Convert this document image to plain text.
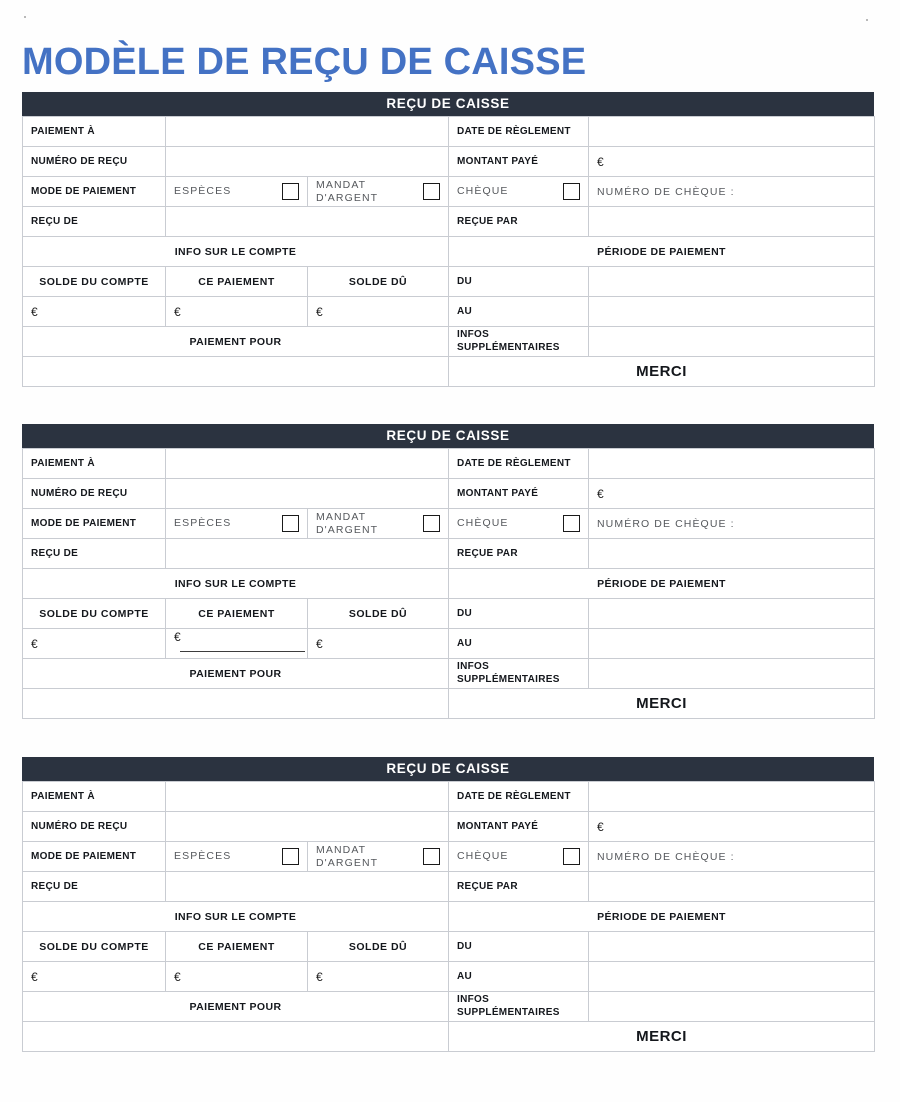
MODÈLE DE REÇU DE CAISSE
REÇU DE CAISSE
PAIEMENT À			DATE DE RÈGLEMENT	
NUMÉRO DE REÇU			MONTANT PAYÉ	€
MODE DE PAIEMENT	ESPÈCES	MANDAT D'ARGENT	CHÈQUE	NUMÉRO DE CHÈQUE :
REÇU DE			REÇUE PAR	
INFO SUR LE COMPTE			PÉRIODE DE PAIEMENT	
SOLDE DU COMPTE	CE PAIEMENT	SOLDE DÛ	DU	
€	€	€	AU	
PAIEMENT POUR			INFOS SUPPLÉMENTAIRES	
			MERCI	
REÇU DE CAISSE
PAIEMENT À			DATE DE RÈGLEMENT	
NUMÉRO DE REÇU			MONTANT PAYÉ	€
MODE DE PAIEMENT	ESPÈCES	MANDAT D'ARGENT	CHÈQUE	NUMÉRO DE CHÈQUE :
REÇU DE			REÇUE PAR	
INFO SUR LE COMPTE			PÉRIODE DE PAIEMENT	
SOLDE DU COMPTE	CE PAIEMENT	SOLDE DÛ	DU	
€	€	€	AU	
PAIEMENT POUR			INFOS SUPPLÉMENTAIRES	
			MERCI	
REÇU DE CAISSE
PAIEMENT À			DATE DE RÈGLEMENT	
NUMÉRO DE REÇU			MONTANT PAYÉ	€
MODE DE PAIEMENT	ESPÈCES	MANDAT D'ARGENT	CHÈQUE	NUMÉRO DE CHÈQUE :
REÇU DE			REÇUE PAR	
INFO SUR LE COMPTE			PÉRIODE DE PAIEMENT	
SOLDE DU COMPTE	CE PAIEMENT	SOLDE DÛ	DU	
€	€	€	AU	
PAIEMENT POUR			INFOS SUPPLÉMENTAIRES	
			MERCI	
